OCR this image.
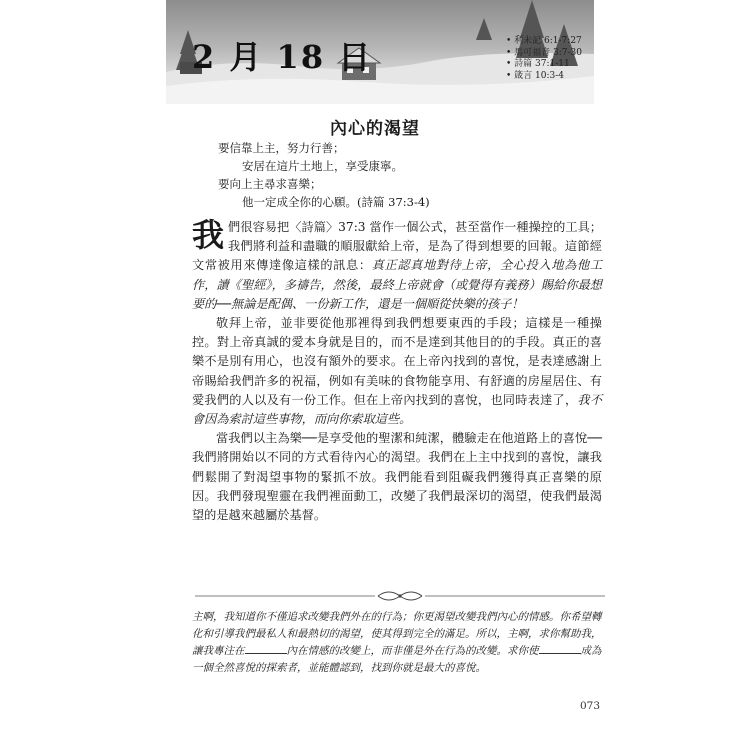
2 月 18 日	• 利未記 6:1-7:27
• 馬可福音 3:7-30
• 詩篇 37:1-11
• 箴言 10:3-4
內心的渴望
要信靠上主，努力行善；
安居在這片土地上，享受康寧。
要向上主尋求喜樂；
他一定成全你的心願。(詩篇 37:3-4)

我們很容易把〈詩篇〉37:3 當作一個公式，甚至當作一種操控的工具；我們將利益和盡職的順服獻給上帝，是為了得到想要的回報。這節經文常被用來傳達像這樣的訊息：真正認真地對待上帝，全心投入地為他工作，讀《聖經》，多禱告，然後，最終上帝就會（或覺得有義務）賜給你最想要的──無論是配偶、一份新工作，還是一個順從快樂的孩子！

敬拜上帝，並非要從他那裡得到我們想要東西的手段；這樣是一種操控。對上帝真誠的愛本身就是目的，而不是達到其他目的的手段。真正的喜樂不是別有用心，也沒有額外的要求。在上帝內找到的喜悅，是表達感謝上帝賜給我們許多的祝福，例如有美味的食物能享用、有舒適的房屋居住、有愛我們的人以及有一份工作。但在上帝內找到的喜悅，也同時表達了，我不會因為索討這些事物，而向你索取這些。

當我們以主為樂──是享受他的聖潔和純潔，體驗走在他道路上的喜悅──我們將開始以不同的方式看待內心的渴望。我們在上主中找到的喜悅，讓我們鬆開了對渴望事物的緊抓不放。我們能看到阻礙我們獲得真正喜樂的原因。我們發現聖靈在我們裡面動工，改變了我們最深切的渴望，使我們最渴望的是越來越屬於基督。

主啊，我知道你不僅追求改變我們外在的行為；你更渴望改變我們內心的情感。你希望轉化和引導我們最私人和最熱切的渴望，使其得到完全的滿足。所以，主啊，求你幫助我，讓我專注在	內在情感的改變上，而非僅是外在行為的改變。求你使	成為一個全然喜悅的探索者，並能體認到，找到你就是最大的喜悅。

073
